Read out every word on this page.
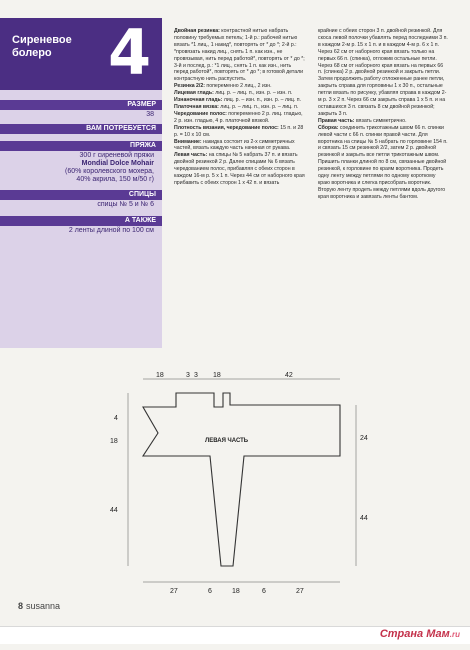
Сиреневое болеро 4
РАЗМЕР
38
ВАМ ПОТРЕБУЕТСЯ
ПРЯЖА
300 г сиреневой пряжи
Mondial Dolce Mohair
(60% королевского мохера,
40% акрила, 150 м/50 г)
СПИЦЫ
спицы № 5 и № 6
А ТАКЖЕ
2 ленты длиной по 100 см

Двойная резинка: контрастной нитью набрать половину требуемых петель; 1-й р.: рабочей нитью вязать *1 лиц., 1 накид*, повторять от * до *; 2-й р.: *провязать накид лиц., снять 1 п. как изн., не провязывая, нить перед работой*, повторять от * до *; 3-й и послед. р.: *1 лиц., снять 1 п. как изн., нить перед работой*, повторять от * до *; в готовой детали контрастную нить распустить.

Резинка 2/2: попеременно 2 лиц., 2 изн.

Лицевая гладь: лиц. р. – лиц. п., изн. р. – изн. п.

Изнаночная гладь: лиц. р. – изн. п., изн. р. – лиц. п.

Платочная вязка: лиц. р. – лиц. п., изн. р. – лиц. п.

Чередование полос: попеременно 2 р. лиц. гладью, 2 р. изн. гладью, 4 р. платочной вязкой.

Плотность вязания, чередование полос: 15 п. и 28 р. = 10 х 10 см.

Внимание: накидка состоит из 2-х симметричных частей, вязать каждую часть начиная от рукава.

Левая часть: на спицы № 5 набрать 37 п. и вязать двойной резинкой 2 р. Далее спицами № 6 вязать чередованием полос, прибавляя с обеих сторон в каждом 16-м р. 5 х 1 п. Через 44 см от наборного края прибавить с обеих сторон 1 х 42 п. и вязать

крайние с обеих сторон 3 п. двойной резинкой. Для скоса левой полочки убавлять перед последними 3 п. в каждом 2-м р. 15 х 1 п. и в каждом 4-м р. 6 х 1 п. Через 62 см от наборного края вязать только на первых 66 п. (спинка), отложив остальные петли. Через 68 см от наборного края вязать на первых 66 п. (спинка) 2 р. двойной резинкой и закрыть петли. Затем продолжить работу отложенные ранее петли, закрыть справа для горловины 1 х 30 п., остальные петли вязать по рисунку, убавляя справа в каждом 2-м р. 3 х 2 п. Через 66 см закрыть справа 1 х 5 п. и на оставшихся 3 п. связать 8 см двойной резинкой; закрыть 3 п.

Правая часть: вязать симметрично.

Сборка: соединить трикотажным швом 66 п. спинки левой части с 66 п. спинки правой части. Для воротника на спицы № 5 набрать по горловине 154 п. и связать 15 см резинкой 2/2, затем 2 р. двойной резинкой и закрыть все петли трикотажным швом. Пришить планки длиной по 8 см, связанные двойной резинкой, к горловине по краям воротника. Продеть одну ленту между петлями по одному короткому краю воротника и слегка присобрать воротник. Вторую ленту продеть между петлями вдоль другого края воротника и завязать ленты бантом.

ЛЕВАЯ ЧАСТЬ
18	3 3 18	42
4
18
44
24
44
27	6	18	6	27
8 susanna
Страна Мам.ru
